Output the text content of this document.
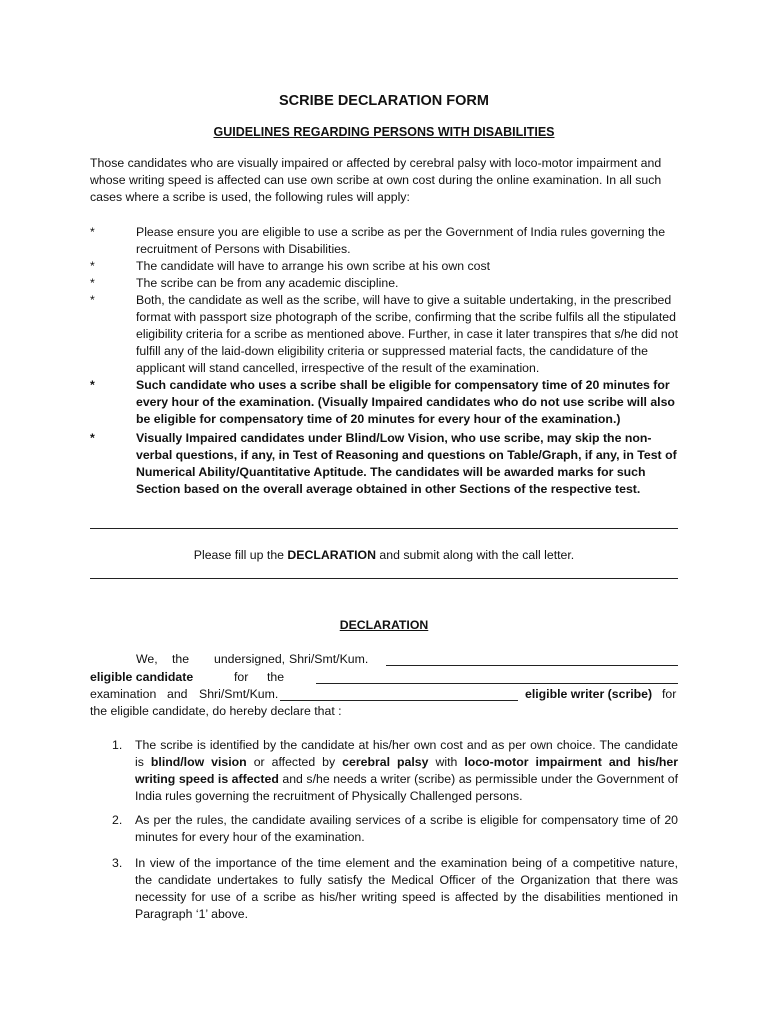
SCRIBE DECLARATION FORM
GUIDELINES REGARDING PERSONS WITH DISABILITIES

Those candidates who are visually impaired or affected by cerebral palsy with loco-motor impairment and whose writing speed is affected can use own scribe at own cost during the online examination. In all such cases where a scribe is used, the following rules will apply:

*	Please ensure you are eligible to use a scribe as per the Government of India rules governing the recruitment of Persons with Disabilities.
*	The candidate will have to arrange his own scribe at his own cost
*	The scribe can be from any academic discipline.
*	Both, the candidate as well as the scribe, will have to give a suitable undertaking, in the prescribed format with passport size photograph of the scribe, confirming that the scribe fulfils all the stipulated eligibility criteria for a scribe as mentioned above. Further, in case it later transpires that s/he did not fulfill any of the laid-down eligibility criteria or suppressed material facts, the candidature of the applicant will stand cancelled, irrespective of the result of the examination.
*	Such candidate who uses a scribe shall be eligible for compensatory time of 20 minutes for every hour of the examination. (Visually Impaired candidates who do not use scribe will also be eligible for compensatory time of 20 minutes for every hour of the examination.)
*	Visually Impaired candidates under Blind/Low Vision, who use scribe, may skip the non-verbal questions, if any, in Test of Reasoning and questions on Table/Graph, if any, in Test of Numerical Ability/Quantitative Aptitude. The candidates will be awarded marks for such Section based on the overall average obtained in other Sections of the respective test.
Please fill up the DECLARATION and submit along with the call letter.
DECLARATION
We, the undersigned, Shri/Smt/Kum.
eligible candidate	for the
examination and Shri/Smt/Kum.	eligible writer (scribe) for
the eligible candidate, do hereby declare that :
1. The scribe is identified by the candidate at his/her own cost and as per own choice. The candidate is blind/low vision or affected by cerebral palsy with loco-motor impairment and his/her writing speed is affected and s/he needs a writer (scribe) as permissible under the Government of India rules governing the recruitment of Physically Challenged persons.
2. As per the rules, the candidate availing services of a scribe is eligible for compensatory time of 20 minutes for every hour of the examination.
3. In view of the importance of the time element and the examination being of a competitive nature, the candidate undertakes to fully satisfy the Medical Officer of the Organization that there was necessity for use of a scribe as his/her writing speed is affected by the disabilities mentioned in Paragraph ‘1’ above.
